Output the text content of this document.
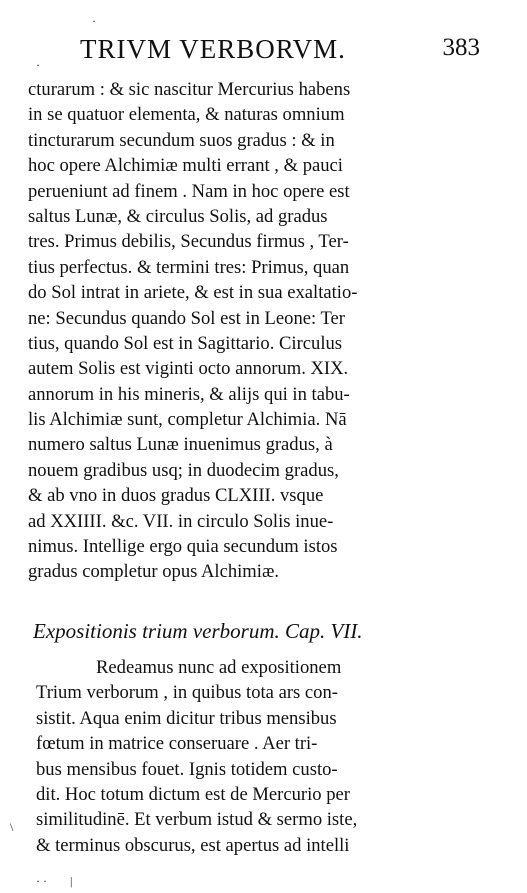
TRIVM VERBORVM.	383
·
·
cturarum : & sic nascitur Mercurius habens
in se quatuor elementa, & naturas omnium
tincturarum secundum suos gradus : & in
hoc opere Alchimiæ multi errant , & pauci
perueniunt ad finem . Nam in hoc opere est
saltus Lunæ, & circulus Solis, ad gradus
tres. Primus debilis, Secundus firmus , Ter-
tius perfectus. & termini tres: Primus, quan
do Sol intrat in ariete, & est in sua exaltatio-
ne: Secundus quando Sol est in Leone: Ter
tius, quando Sol est in Sagittario. Circulus
autem Solis est viginti octo annorum. XIX.
annorum in his mineris, & alijs qui in tabu-
lis Alchimiæ sunt, completur Alchimia. Nā
numero saltus Lunæ inuenimus gradus, à
nouem gradibus usq; in duodecim gradus,
& ab vno in duos gradus CLXIII. vsque
ad XXIIII. &c. VII. in circulo Solis inue-
nimus. Intellige ergo quia secundum istos
gradus completur opus Alchimiæ.
Expositionis trium verborum. Cap. VII.
Redeamus nunc ad expositionem
Trium verborum , in quibus tota ars con-
sistit. Aqua enim dicitur tribus mensibus
fœtum in matrice conseruare . Aer tri-
bus mensibus fouet. Ignis totidem custo-
dit. Hoc totum dictum est de Mercurio per
similitudinē. Et verbum istud & sermo iste,
& terminus obscurus, est apertus ad intelli
· · |
\
